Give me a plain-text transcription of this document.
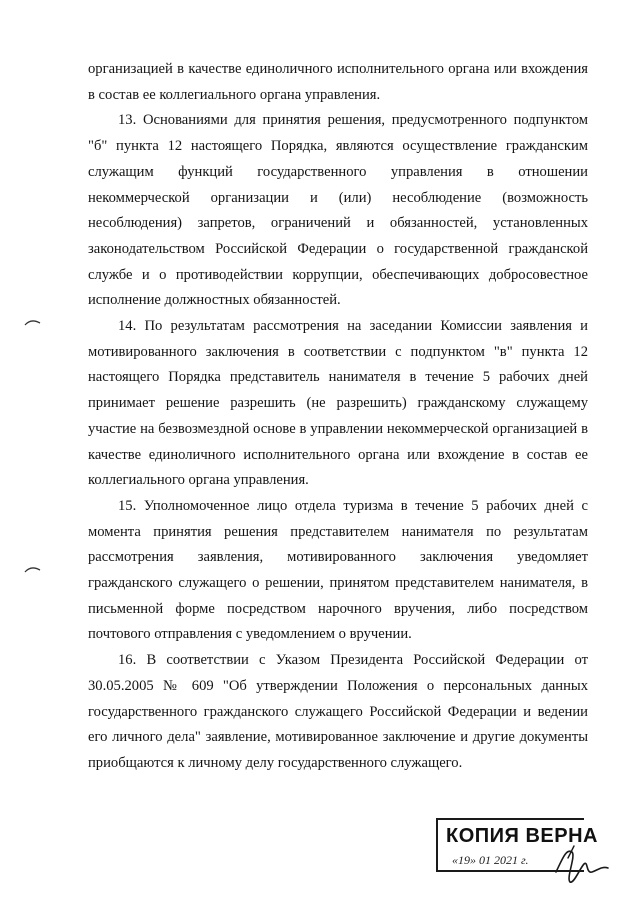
организацией в качестве единоличного исполнительного органа или вхождения в состав ее коллегиального органа управления.

13. Основаниями для принятия решения, предусмотренного подпунктом "б" пункта 12 настоящего Порядка, являются осуществление гражданским служащим функций государственного управления в отношении некоммерческой организации и (или) несоблюдение (возможность несоблюдения) запретов, ограничений и обязанностей, установленных законодательством Российской Федерации о государственной гражданской службе и о противодействии коррупции, обеспечивающих добросовестное исполнение должностных обязанностей.

14. По результатам рассмотрения на заседании Комиссии заявления и мотивированного заключения в соответствии с подпунктом "в" пункта 12 настоящего Порядка представитель нанимателя в течение 5 рабочих дней принимает решение разрешить (не разрешить) гражданскому служащему участие на безвозмездной основе в управлении некоммерческой организацией в качестве единоличного исполнительного органа или вхождение в состав ее коллегиального органа управления.

15. Уполномоченное лицо отдела туризма в течение 5 рабочих дней с момента принятия решения представителем нанимателя по результатам рассмотрения заявления, мотивированного заключения уведомляет гражданского служащего о решении, принятом представителем нанимателя, в письменной форме посредством нарочного вручения, либо посредством почтового отправления с уведомлением о вручении.

16. В соответствии с Указом Президента Российской Федерации от 30.05.2005 № 609 "Об утверждении Положения о персональных данных государственного гражданского служащего Российской Федерации и ведении его личного дела" заявление, мотивированное заключение и другие документы приобщаются к личному делу государственного служащего.

КОПИЯ ВЕРНА
«19» 01 2021 г.
